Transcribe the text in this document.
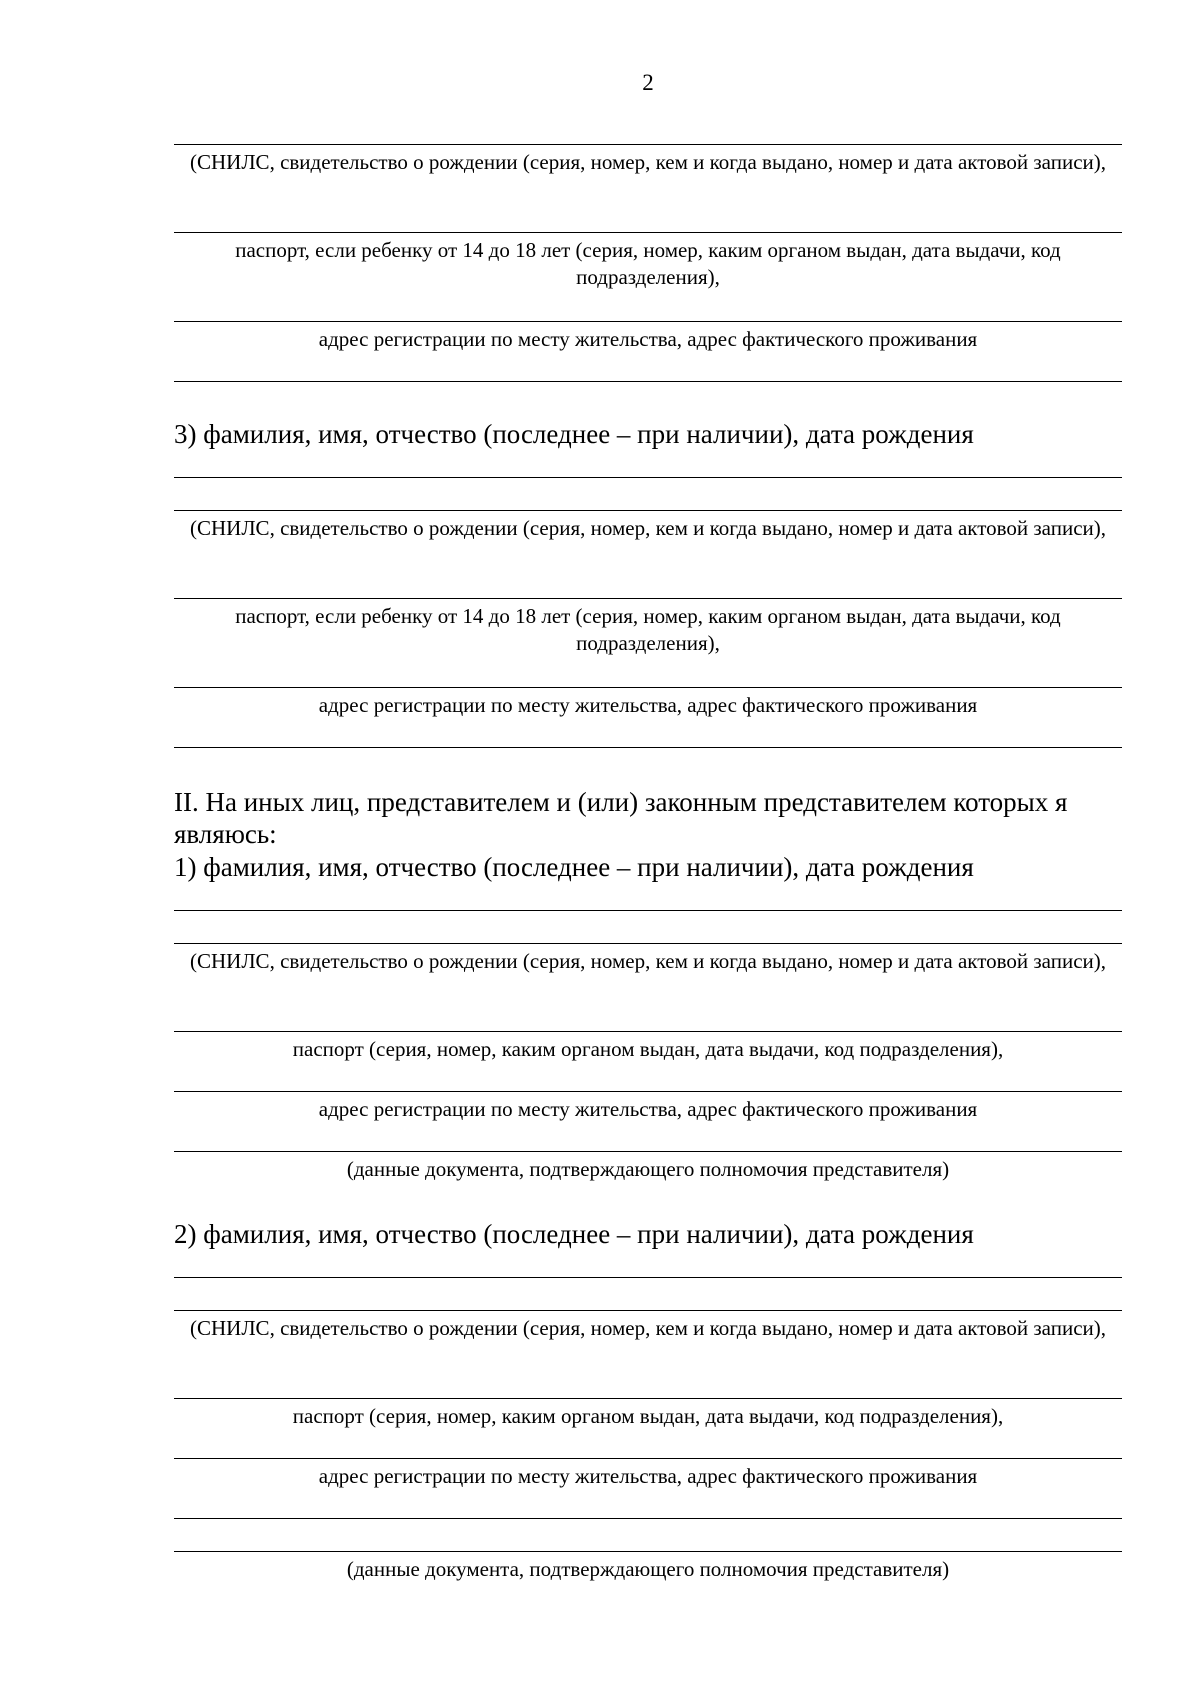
2
(СНИЛС, свидетельство о рождении (серия, номер, кем и когда выдано, номер и дата актовой записи),
паспорт, если ребенку от 14 до 18 лет (серия, номер, каким органом выдан, дата выдачи, код подразделения),
адрес регистрации по месту жительства, адрес фактического проживания
3) фамилия, имя, отчество (последнее – при наличии), дата рождения
(СНИЛС, свидетельство о рождении (серия, номер, кем и когда выдано, номер и дата актовой записи),
паспорт, если ребенку от 14 до 18 лет (серия, номер, каким органом выдан, дата выдачи, код подразделения),
адрес регистрации по месту жительства, адрес фактического проживания
II. На иных лиц, представителем и (или) законным представителем которых я
являюсь:
1) фамилия, имя, отчество (последнее – при наличии), дата рождения
(СНИЛС, свидетельство о рождении (серия, номер, кем и когда выдано, номер и дата актовой записи),
паспорт (серия, номер, каким органом выдан, дата выдачи, код подразделения),
адрес регистрации по месту жительства, адрес фактического проживания
(данные документа, подтверждающего полномочия представителя)
2) фамилия, имя, отчество (последнее – при наличии), дата рождения
(СНИЛС, свидетельство о рождении (серия, номер, кем и когда выдано, номер и дата актовой записи),
паспорт (серия, номер, каким органом выдан, дата выдачи, код подразделения),
адрес регистрации по месту жительства, адрес фактического проживания
(данные документа, подтверждающего полномочия представителя)
